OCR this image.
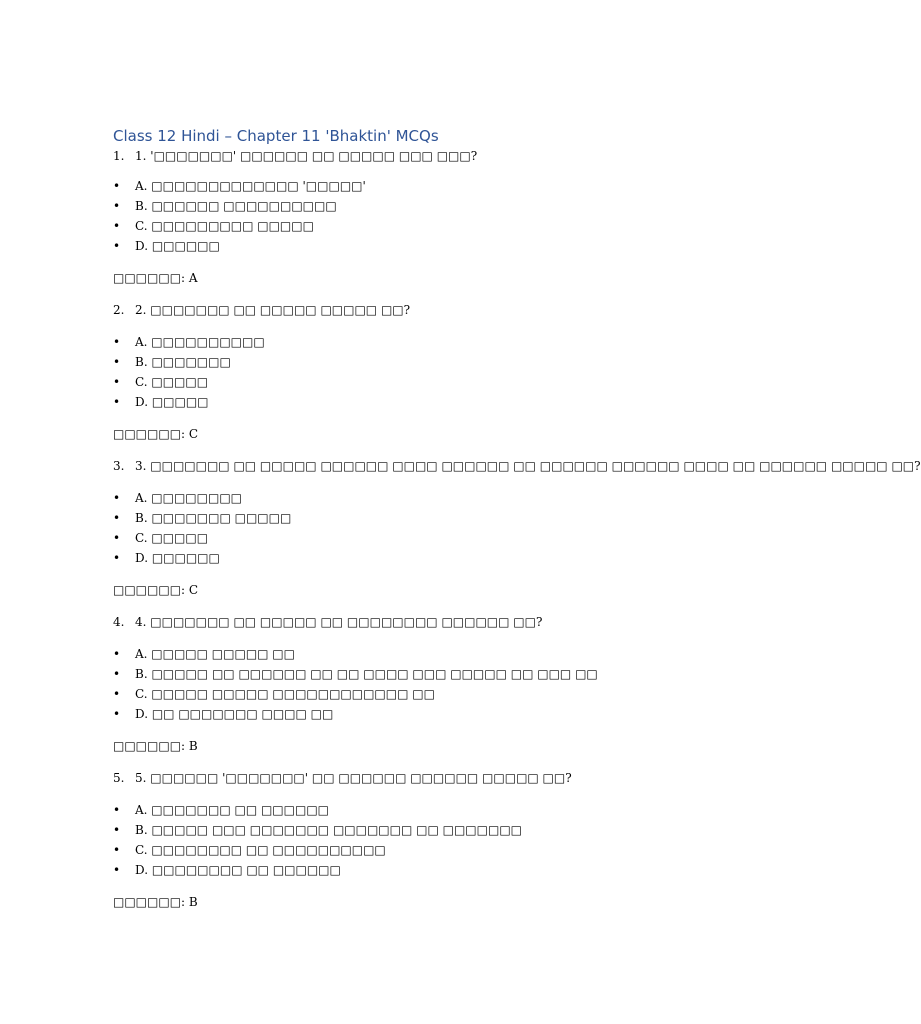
Class 12 Hindi – Chapter 11 'Bhaktin' MCQs
1. 1. '□□□□□□□' □□□□□□ □□ □□□□□ □□□ □□□?
• A. □□□□□□□□□□□□□ '□□□□□'
• B. □□□□□□ □□□□□□□□□□
• C. □□□□□□□□□ □□□□□
• D. □□□□□□
□□□□□□: A
2. 2. □□□□□□□ □□ □□□□□ □□□□□ □□?
• A. □□□□□□□□□□
• B. □□□□□□□
• C. □□□□□
• D. □□□□□
□□□□□□: C
3. 3. □□□□□□□ □□ □□□□□ □□□□□□ □□□□ □□□□□□ □□ □□□□□□ □□□□□□ □□□□ □□ □□□□□□ □□□□□ □□?
• A. □□□□□□□□
• B. □□□□□□□ □□□□□
• C. □□□□□
• D. □□□□□□
□□□□□□: C
4. 4. □□□□□□□ □□ □□□□□ □□ □□□□□□□□ □□□□□□ □□?
• A. □□□□□ □□□□□ □□
• B. □□□□□ □□ □□□□□□ □□ □□ □□□□ □□□ □□□□□ □□ □□□ □□
• C. □□□□□ □□□□□ □□□□□□□□□□□□ □□
• D. □□ □□□□□□□ □□□□ □□
□□□□□□: B
5. 5. □□□□□□ '□□□□□□□' □□ □□□□□□ □□□□□□ □□□□□ □□?
• A. □□□□□□□ □□ □□□□□□
• B. □□□□□ □□□ □□□□□□□ □□□□□□□ □□ □□□□□□□
• C. □□□□□□□□ □□ □□□□□□□□□□
• D. □□□□□□□□ □□ □□□□□□
□□□□□□: B
